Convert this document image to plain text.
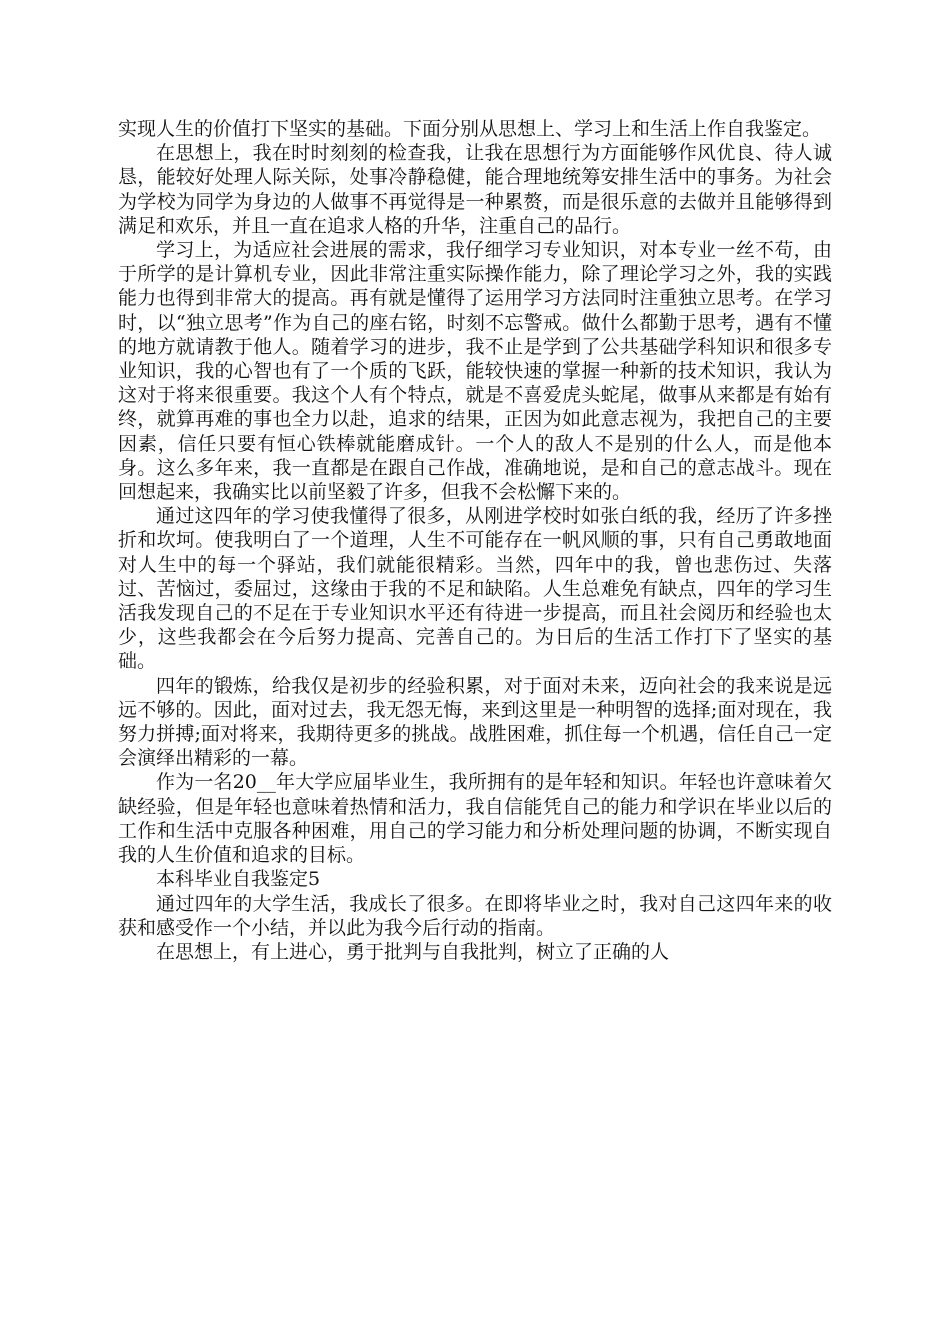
实现人生的价值打下坚实的基础。下面分别从思想上、学习上和生活上作自我鉴定。

在思想上，我在时时刻刻的检查我，让我在思想行为方面能够作风优良、待人诚恳，能较好处理人际关际，处事冷静稳健，能合理地统筹安排生活中的事务。为社会为学校为同学为身边的人做事不再觉得是一种累赘，而是很乐意的去做并且能够得到满足和欢乐，并且一直在追求人格的升华，注重自己的品行。

学习上，为适应社会进展的需求，我仔细学习专业知识，对本专业一丝不苟，由于所学的是计算机专业，因此非常注重实际操作能力，除了理论学习之外，我的实践能力也得到非常大的提高。再有就是懂得了运用学习方法同时注重独立思考。在学习时，以“独立思考”作为自己的座右铭，时刻不忘警戒。做什么都勤于思考，遇有不懂的地方就请教于他人。随着学习的进步，我不止是学到了公共基础学科知识和很多专业知识，我的心智也有了一个质的飞跃，能较快速的掌握一种新的技术知识，我认为这对于将来很重要。我这个人有个特点，就是不喜爱虎头蛇尾，做事从来都是有始有终，就算再难的事也全力以赴，追求的结果，正因为如此意志视为，我把自己的主要因素，信任只要有恒心铁棒就能磨成针。一个人的敌人不是别的什么人，而是他本身。这么多年来，我一直都是在跟自己作战，准确地说，是和自己的意志战斗。现在回想起来，我确实比以前坚毅了许多，但我不会松懈下来的。

通过这四年的学习使我懂得了很多，从刚进学校时如张白纸的我，经历了许多挫折和坎坷。使我明白了一个道理，人生不可能存在一帆风顺的事，只有自己勇敢地面对人生中的每一个驿站，我们就能很精彩。当然，四年中的我，曾也悲伤过、失落过、苦恼过，委屈过，这缘由于我的不足和缺陷。人生总难免有缺点，四年的学习生活我发现自己的不足在于专业知识水平还有待进一步提高，而且社会阅历和经验也太少，这些我都会在今后努力提高、完善自己的。为日后的生活工作打下了坚实的基础。

四年的锻炼，给我仅是初步的经验积累，对于面对未来，迈向社会的我来说是远远不够的。因此，面对过去，我无怨无悔，来到这里是一种明智的选择;面对现在，我努力拼搏;面对将来，我期待更多的挑战。战胜困难，抓住每一个机遇，信任自己一定会演绎出精彩的一幕。

作为一名20__年大学应届毕业生，我所拥有的是年轻和知识。年轻也许意味着欠缺经验，但是年轻也意味着热情和活力，我自信能凭自己的能力和学识在毕业以后的工作和生活中克服各种困难，用自己的学习能力和分析处理问题的协调，不断实现自我的人生价值和追求的目标。

本科毕业自我鉴定5

通过四年的大学生活，我成长了很多。在即将毕业之时，我对自己这四年来的收获和感受作一个小结，并以此为我今后行动的指南。

在思想上，有上进心，勇于批判与自我批判，树立了正确的人
